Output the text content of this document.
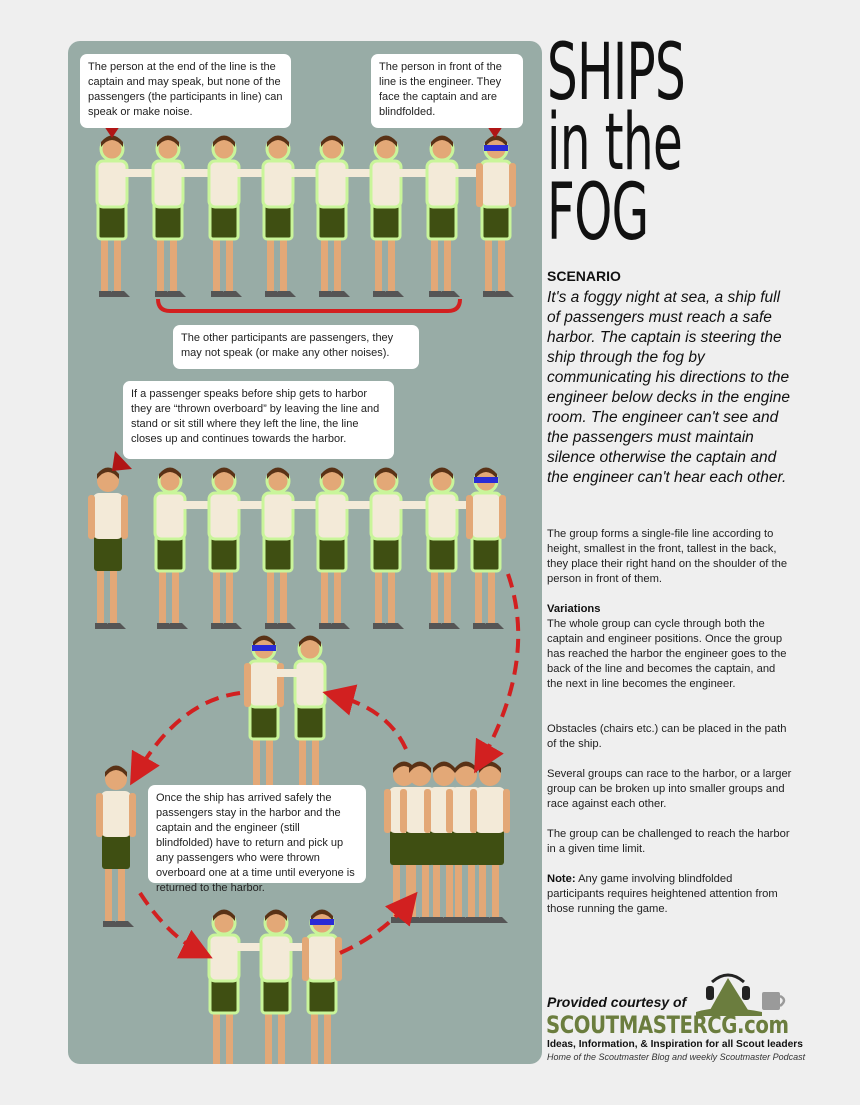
The person at the end of the line is the captain and may speak, but none of the passengers (the participants in line) can speak or make noise.
The person in front of the line is the engineer. They face the captain and are blindfolded.
The other participants are passengers, they may not speak (or make any other noises).
If a passenger speaks before ship gets to harbor they are “thrown overboard” by leaving the line and stand or sit still where they left the line, the line closes up and continues towards the harbor.
Once the ship has arrived safely the passengers stay in the harbor and the captain and the engineer (still blindfolded) have to return and pick up any passengers who were thrown overboard one at a time until everyone is returned to the harbor.
SHIPS
in the
FOG
SCENARIO
It's a foggy night at sea, a ship full of passengers must reach a safe harbor. The captain is steering the ship through the fog by communicating his directions to the engineer below decks in the engine room. The engineer can't see and the passengers must maintain silence otherwise the captain and the engineer can't hear each other.
The group forms a single-file line according to height, smallest in the front, tallest in the back, they place their right hand on the shoulder of the person in front of them.
Variations
The whole group can cycle through both the captain and engineer positions. Once the group has reached the harbor the engineer goes to the back of the line and becomes the captain, and the next in line becomes the engineer.
Obstacles (chairs etc.) can be placed in the path of the ship.
Several groups can race to the harbor, or a larger group can be broken up into smaller groups and race against each other.
The group can be challenged to reach the harbor in a given time limit.
Note: Any game involving blindfolded participants requires heightened attention from those running the game.
Provided courtesy of
SCOUTMASTERCG.com
Ideas, Information, & Inspiration for all Scout leaders
Home of the Scoutmaster Blog and weekly Scoutmaster Podcast
